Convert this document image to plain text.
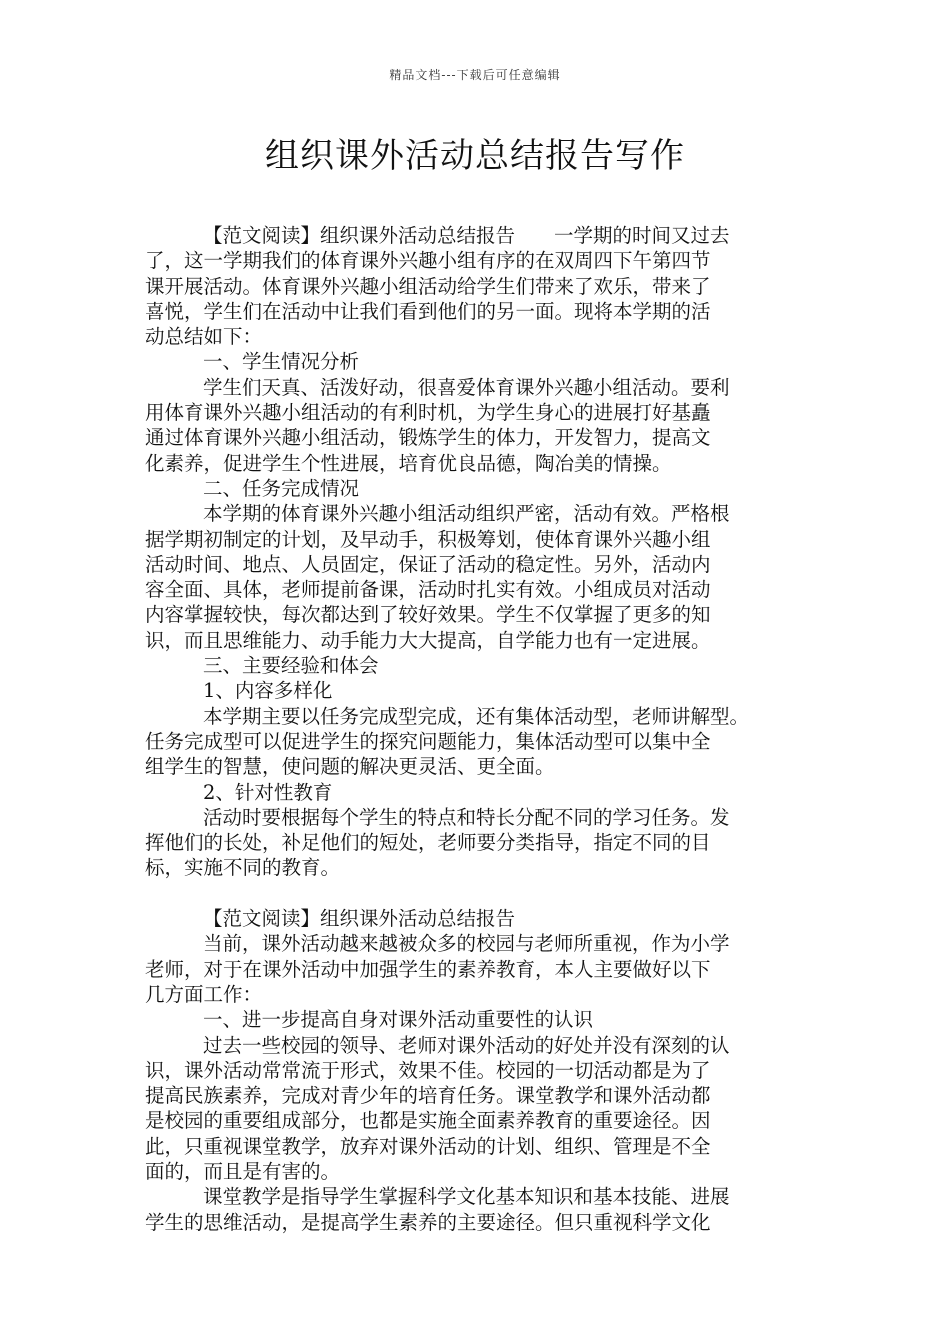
精品文档---下载后可任意编辑
组织课外活动总结报告写作
【范文阅读】组织课外活动总结报告　　一学期的时间又过去
了，这一学期我们的体育课外兴趣小组有序的在双周四下午第四节
课开展活动。体育课外兴趣小组活动给学生们带来了欢乐，带来了
喜悦，学生们在活动中让我们看到他们的另一面。现将本学期的活
动总结如下：
一、学生情况分析
学生们天真、活泼好动，很喜爱体育课外兴趣小组活动。要利
用体育课外兴趣小组活动的有利时机，为学生身心的进展打好基矗
通过体育课外兴趣小组活动，锻炼学生的体力，开发智力，提高文
化素养，促进学生个性进展，培育优良品德，陶冶美的情操。
二、任务完成情况
本学期的体育课外兴趣小组活动组织严密，活动有效。严格根
据学期初制定的计划，及早动手，积极筹划，使体育课外兴趣小组
活动时间、地点、人员固定，保证了活动的稳定性。另外，活动内
容全面、具体，老师提前备课，活动时扎实有效。小组成员对活动
内容掌握较快，每次都达到了较好效果。学生不仅掌握了更多的知
识，而且思维能力、动手能力大大提高，自学能力也有一定进展。
三、主要经验和体会
1、内容多样化
本学期主要以任务完成型完成，还有集体活动型，老师讲解型。
任务完成型可以促进学生的探究问题能力，集体活动型可以集中全
组学生的智慧，使问题的解决更灵活、更全面。
2、针对性教育
活动时要根据每个学生的特点和特长分配不同的学习任务。发
挥他们的长处，补足他们的短处，老师要分类指导，指定不同的目
标，实施不同的教育。
【范文阅读】组织课外活动总结报告
当前，课外活动越来越被众多的校园与老师所重视，作为小学
老师，对于在课外活动中加强学生的素养教育，本人主要做好以下
几方面工作：
一、进一步提高自身对课外活动重要性的认识
过去一些校园的领导、老师对课外活动的好处并没有深刻的认
识，课外活动常常流于形式，效果不佳。校园的一切活动都是为了
提高民族素养，完成对青少年的培育任务。课堂教学和课外活动都
是校园的重要组成部分，也都是实施全面素养教育的重要途径。因
此，只重视课堂教学，放弃对课外活动的计划、组织、管理是不全
面的，而且是有害的。
课堂教学是指导学生掌握科学文化基本知识和基本技能、进展
学生的思维活动，是提高学生素养的主要途径。但只重视科学文化
